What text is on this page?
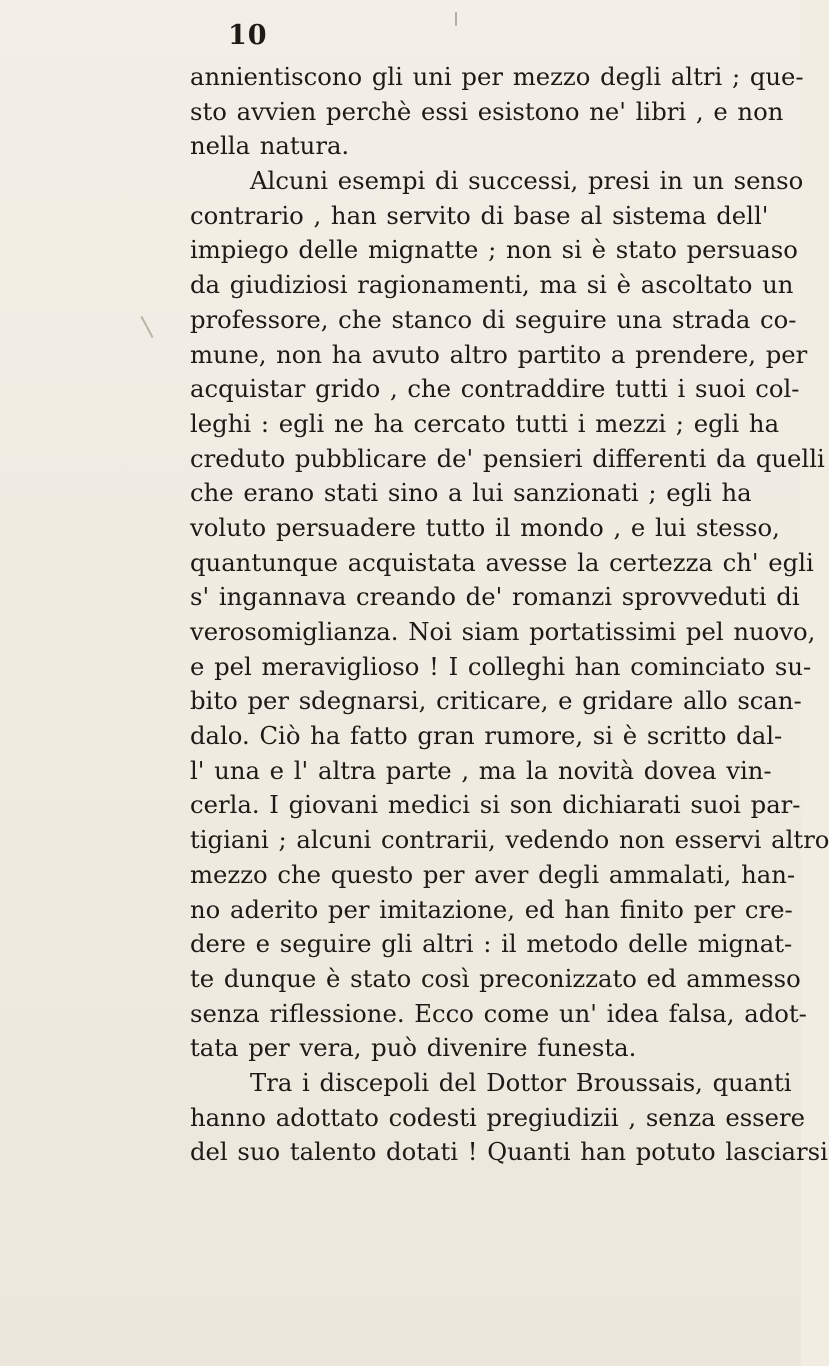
10
annientiscono gli uni per mezzo degli altri ; que-
sto avvien perchè essi esistono ne' libri , e non
nella natura.
Alcuni esempi di successi, presi in un senso
contrario , han servito di base al sistema dell'
impiego delle mignatte ; non si è stato persuaso
da giudiziosi ragionamenti, ma si è ascoltato un
professore, che stanco di seguire una strada co-
mune, non ha avuto altro partito a prendere, per
acquistar grido , che contraddire tutti i suoi col-
leghi : egli ne ha cercato tutti i mezzi ; egli ha
creduto pubblicare de' pensieri differenti da quelli
che erano stati sino a lui sanzionati ; egli ha
voluto persuadere tutto il mondo , e lui stesso,
quantunque acquistata avesse la certezza ch' egli
s' ingannava creando de' romanzi sprovveduti di
verosomiglianza. Noi siam portatissimi pel nuovo,
e pel meraviglioso ! I colleghi han cominciato su-
bito per sdegnarsi, criticare, e gridare allo scan-
dalo. Ciò ha fatto gran rumore, si è scritto dal-
l' una e l' altra parte , ma la novità dovea vin-
cerla. I giovani medici si son dichiarati suoi par-
tigiani ; alcuni contrarii, vedendo non esservi altro
mezzo che questo per aver degli ammalati, han-
no aderito per imitazione, ed han finito per cre-
dere e seguire gli altri : il metodo delle mignat-
te dunque è stato così preconizzato ed ammesso
senza riflessione. Ecco come un' idea falsa, adot-
tata per vera, può divenire funesta.
Tra i discepoli del Dottor Broussais, quanti
hanno adottato codesti pregiudizii , senza essere
del suo talento dotati ! Quanti han potuto lasciarsi
